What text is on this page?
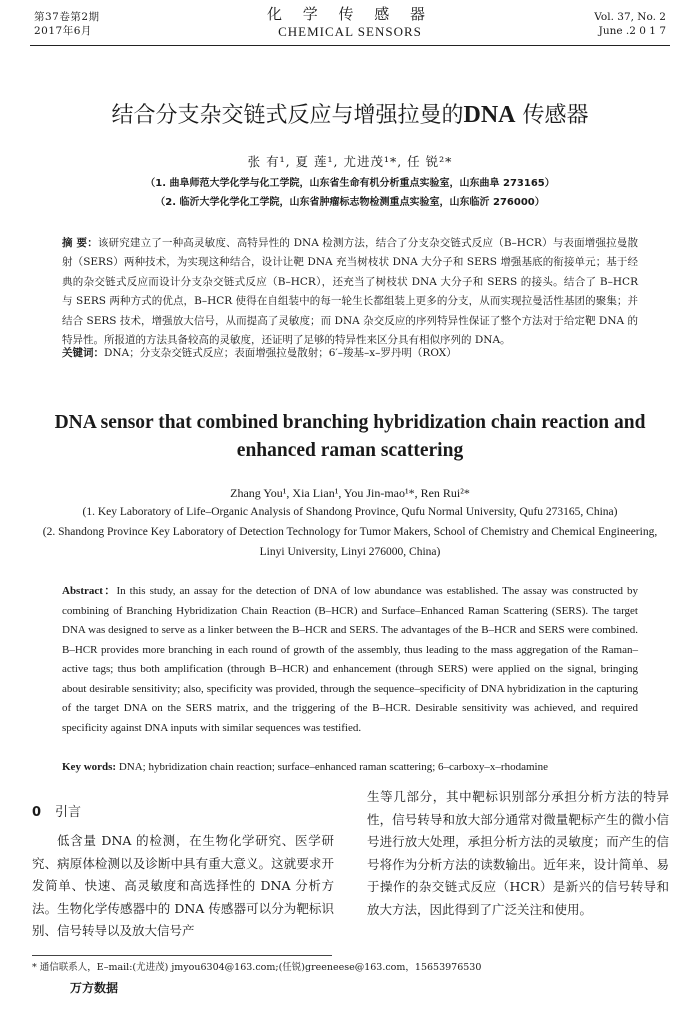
第37卷第2期
2017年6月
化 学 传 感 器
CHEMICAL SENSORS
Vol. 37, No. 2
June .2 0 1 7
结合分支杂交链式反应与增强拉曼的DNA 传感器
张 有¹, 夏 莲¹, 尤进茂¹*, 任 锐²*
（1. 曲阜师范大学化学与化工学院，山东省生命有机分析重点实验室，山东曲阜 273165）
（2. 临沂大学化学化工学院，山东省肿瘤标志物检测重点实验室，山东临沂 276000）
摘 要：该研究建立了一种高灵敏度、高特异性的 DNA 检测方法，结合了分支杂交链式反应（B–HCR）与表面增强拉曼散射（SERS）两种技术，为实现这种结合，设计让靶 DNA 充当树枝状 DNA 大分子和 SERS 增强基底的衔接单元；基于经典的杂交链式反应而设计分支杂交链式反应（B–HCR），还充当了树枝状 DNA 大分子和 SERS 的接头。结合了 B–HCR 与 SERS 两种方式的优点，B–HCR 使得在自组装中的每一轮生长都组装上更多的分支，从而实现拉曼活性基团的聚集；并结合 SERS 技术，增强放大信号，从而提高了灵敏度；而 DNA 杂交反应的序列特异性保证了整个方法对于给定靶 DNA 的特异性。所报道的方法具备较高的灵敏度，还证明了足够的特异性来区分具有相似序列的 DNA。
关键词：DNA；分支杂交链式反应；表面增强拉曼散射；6′–羧基–x–罗丹明（ROX）
DNA sensor that combined branching hybridization chain reaction and enhanced raman scattering
Zhang You¹, Xia Lian¹, You Jin-mao¹*, Ren Rui²*
(1. Key Laboratory of Life–Organic Analysis of Shandong Province, Qufu Normal University, Qufu 273165, China)
(2. Shandong Province Key Laboratory of Detection Technology for Tumor Makers, School of Chemistry and Chemical Engineering, Linyi University, Linyi 276000, China)
Abstract：In this study, an assay for the detection of DNA of low abundance was established. The assay was constructed by combining of Branching Hybridization Chain Reaction (B–HCR) and Surface–Enhanced Raman Scattering (SERS). The target DNA was designed to serve as a linker between the B–HCR and SERS. The advantages of the B–HCR and SERS were combined. B–HCR provides more branching in each round of growth of the assembly, thus leading to the mass aggregation of the Raman–active tags; thus both amplification (through B–HCR) and enhancement (through SERS) were applied on the signal, bringing about desirable sensitivity; also, specificity was provided, through the sequence–specificity of DNA hybridization in the capturing of the target DNA on the SERS matrix, and the triggering of the B–HCR. Desirable sensitivity was achieved, and required specificity against DNA inputs with similar sequences was testified.
Key words: DNA; hybridization chain reaction; surface–enhanced raman scattering; 6–carboxy–x–rhodamine
0 引言

低含量 DNA 的检测，在生物化学研究、医学研究、病原体检测以及诊断中具有重大意义。这就要求开发简单、快速、高灵敏度和高选择性的 DNA 分析方法。生物化学传感器中的 DNA 传感器可以分为靶标识别、信号转导以及放大信号产

生等几部分，其中靶标识别部分承担分析方法的特异性，信号转导和放大部分通常对微量靶标产生的微小信号进行放大处理，承担分析方法的灵敏度；而产生的信号将作为分析方法的读数输出。近年来，设计简单、易于操作的杂交链式反应（HCR）是新兴的信号转导和放大方法，因此得到了广泛关注和使用。

* 通信联系人，E–mail:(尤进茂) jmyou6304@163.com;(任锐)greeneese@163.com，15653976530
万方数据
